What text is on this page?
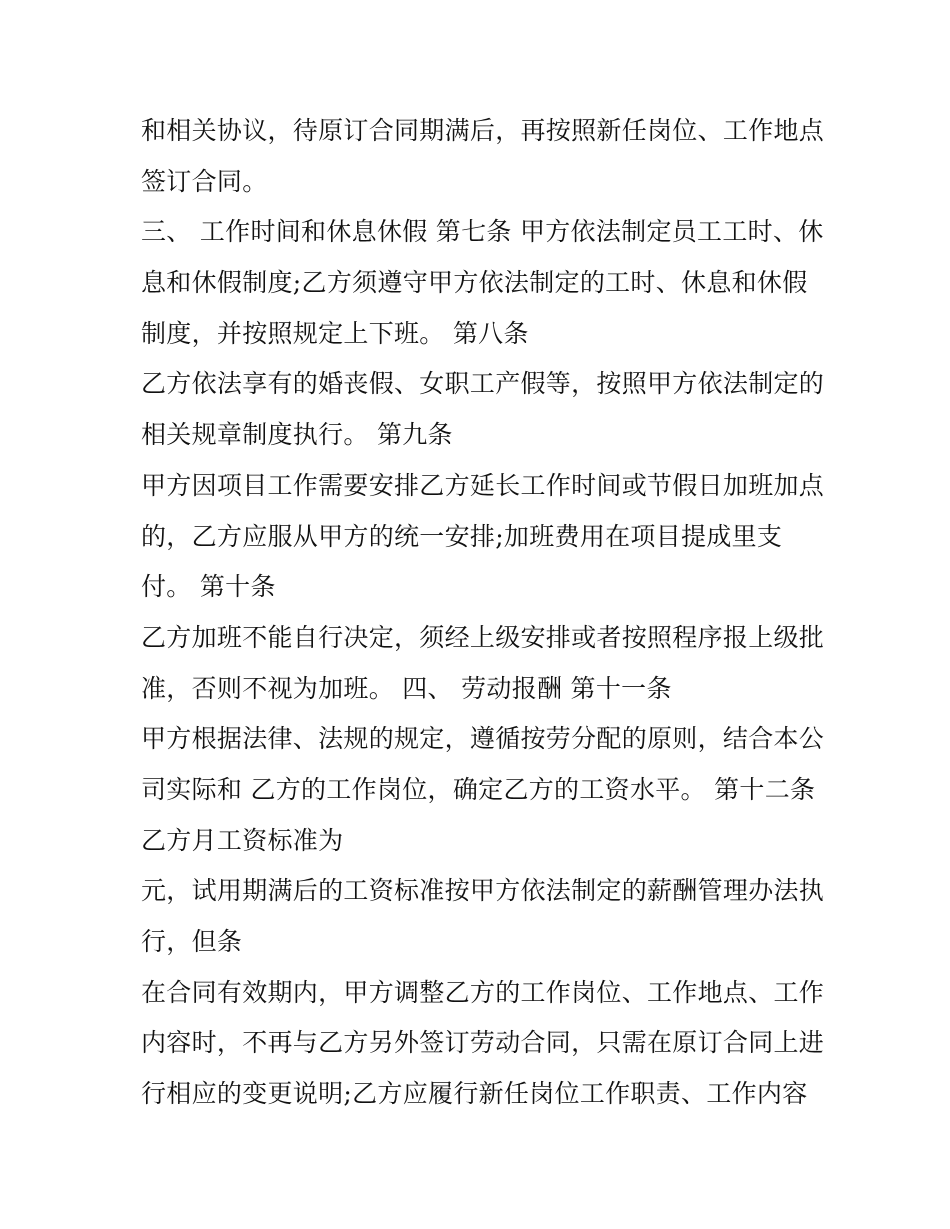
和相关协议，待原订合同期满后，再按照新任岗位、工作地点
签订合同。
三、 工作时间和休息休假 第七条 甲方依法制定员工工时、休
息和休假制度;乙方须遵守甲方依法制定的工时、休息和休假
制度，并按照规定上下班。 第八条
乙方依法享有的婚丧假、女职工产假等，按照甲方依法制定的
相关规章制度执行。 第九条
甲方因项目工作需要安排乙方延长工作时间或节假日加班加点
的，乙方应服从甲方的统一安排;加班费用在项目提成里支
付。 第十条
乙方加班不能自行决定，须经上级安排或者按照程序报上级批
准，否则不视为加班。 四、 劳动报酬 第十一条
甲方根据法律、法规的规定，遵循按劳分配的原则，结合本公
司实际和 乙方的工作岗位，确定乙方的工资水平。 第十二条
乙方月工资标准为
元，试用期满后的工资标准按甲方依法制定的薪酬管理办法执
行，但条
在合同有效期内，甲方调整乙方的工作岗位、工作地点、工作
内容时，不再与乙方另外签订劳动合同，只需在原订合同上进
行相应的变更说明;乙方应履行新任岗位工作职责、工作内容
